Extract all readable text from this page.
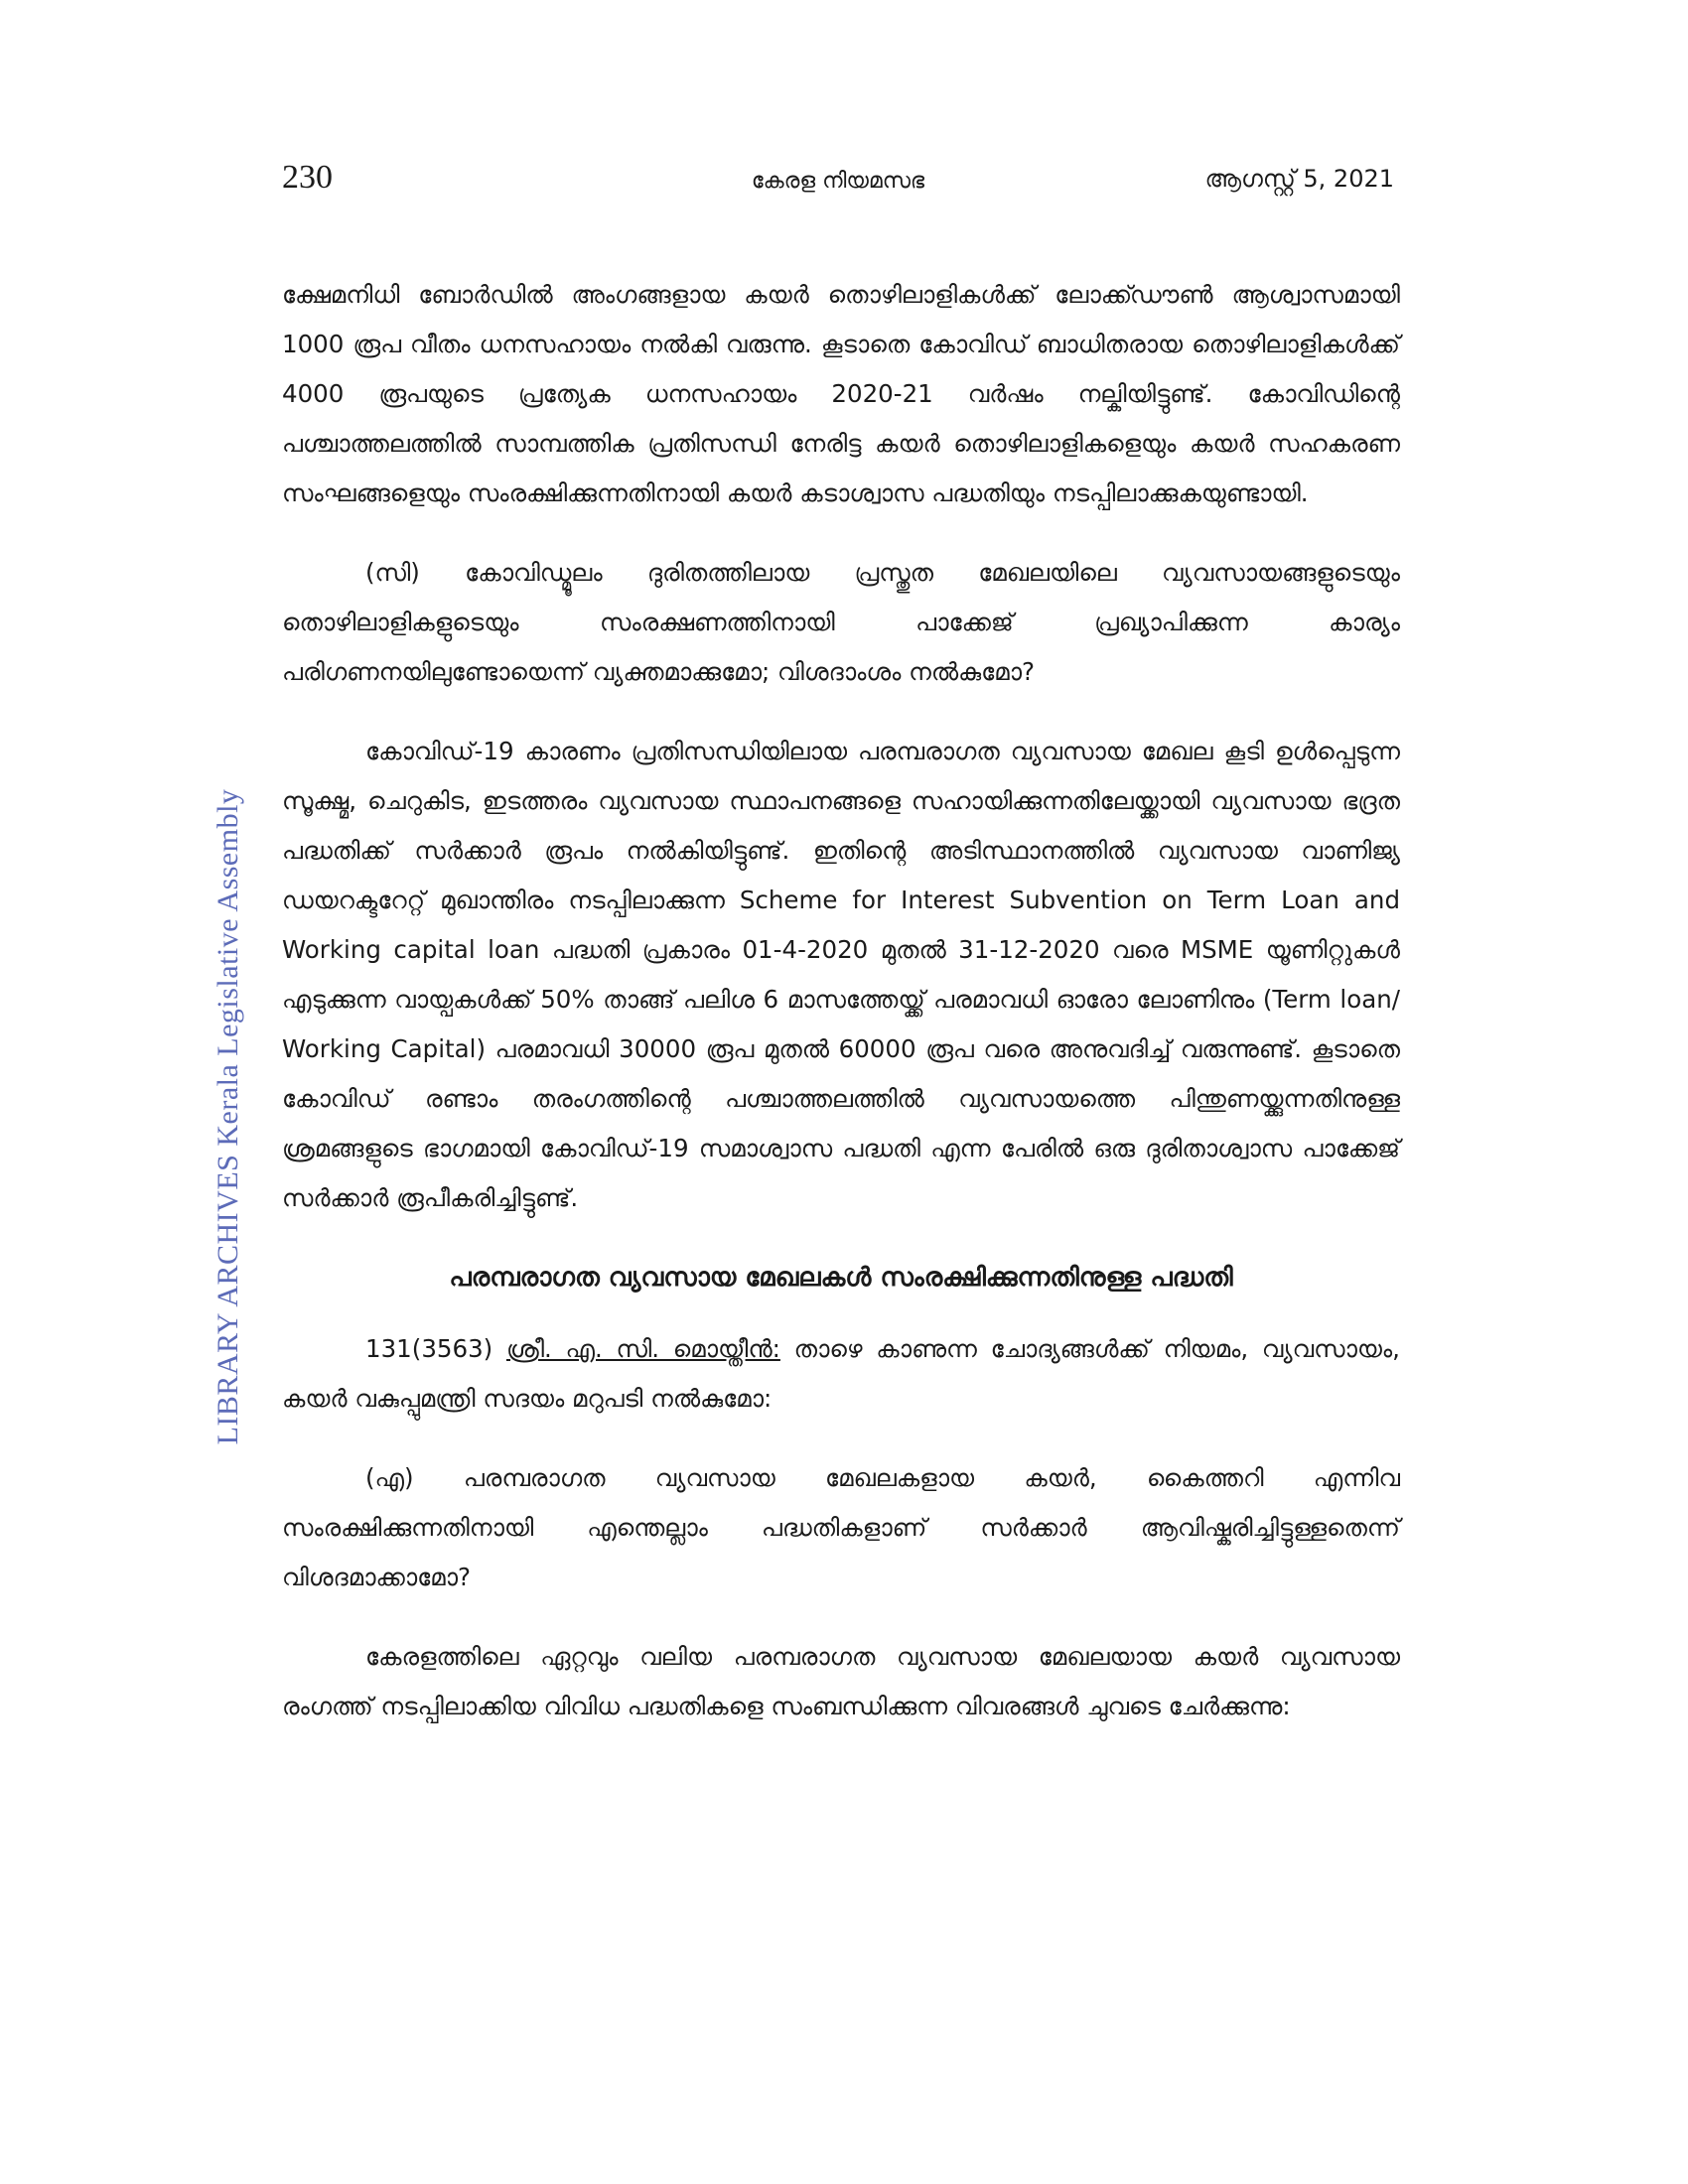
230	കേരള നിയമസഭ	ആഗസ്റ്റ് 5, 2021
LIBRARY ARCHIVES Kerala Legislative Assembly

ക്ഷേമനിധി ബോർഡിൽ അംഗങ്ങളായ കയർ തൊഴിലാളികൾക്ക് ലോക്ക്ഡൗൺ ആശ്വാസമായി 1000 രൂപ വീതം ധനസഹായം നൽകി വരുന്നു. കൂടാതെ കോവിഡ് ബാധിതരായ തൊഴിലാളികൾക്ക് 4000 രൂപയുടെ പ്രത്യേക ധനസഹായം 2020-21 വർഷം നല്കിയിട്ടുണ്ട്. കോവിഡിന്റെ പശ്ചാത്തലത്തിൽ സാമ്പത്തിക പ്രതിസന്ധി നേരിട്ട കയർ തൊഴിലാളികളെയും കയർ സഹകരണ സംഘങ്ങളെയും സംരക്ഷിക്കുന്നതിനായി കയർ കടാശ്വാസ പദ്ധതിയും നടപ്പിലാക്കുകയുണ്ടായി.

(സി) കോവിഡ്മൂലം ദുരിതത്തിലായ പ്രസ്തുത മേഖലയിലെ വ്യവസായങ്ങളുടെയും തൊഴിലാളികളുടെയും സംരക്ഷണത്തിനായി പാക്കേജ് പ്രഖ്യാപിക്കുന്ന കാര്യം പരിഗണനയിലുണ്ടോയെന്ന് വ്യക്തമാക്കുമോ; വിശദാംശം നൽകുമോ?

കോവിഡ്-19 കാരണം പ്രതിസന്ധിയിലായ പരമ്പരാഗത വ്യവസായ മേഖല കൂടി ഉൾപ്പെടുന്ന സൂക്ഷ്മ, ചെറുകിട, ഇടത്തരം വ്യവസായ സ്ഥാപനങ്ങളെ സഹായിക്കുന്നതിലേയ്ക്കായി വ്യവസായ ഭദ്രത പദ്ധതിക്ക് സർക്കാർ രൂപം നൽകിയിട്ടുണ്ട്. ഇതിന്റെ അടിസ്ഥാനത്തിൽ വ്യവസായ വാണിജ്യ ഡയറക്ടറേറ്റ് മുഖാന്തിരം നടപ്പിലാക്കുന്ന Scheme for Interest Subvention on Term Loan and Working capital loan പദ്ധതി പ്രകാരം 01-4-2020 മുതൽ 31-12-2020 വരെ MSME യൂണിറ്റുകൾ എടുക്കുന്ന വായ്പകൾക്ക് 50% താങ്ങ് പലിശ 6 മാസത്തേയ്ക്ക് പരമാവധി ഓരോ ലോണിനും (Term loan/ Working Capital) പരമാവധി 30000 രൂപ മുതൽ 60000 രൂപ വരെ അനുവദിച്ച് വരുന്നുണ്ട്. കൂടാതെ കോവിഡ് രണ്ടാം തരംഗത്തിന്റെ പശ്ചാത്തലത്തിൽ വ്യവസായത്തെ പിന്തുണയ്ക്കുന്നതിനുള്ള ശ്രമങ്ങളുടെ ഭാഗമായി കോവിഡ്-19 സമാശ്വാസ പദ്ധതി എന്ന പേരിൽ ഒരു ദുരിതാശ്വാസ പാക്കേജ് സർക്കാർ രൂപീകരിച്ചിട്ടുണ്ട്.

പരമ്പരാഗത വ്യവസായ മേഖലകൾ സംരക്ഷിക്കുന്നതിനുള്ള പദ്ധതി

131(3563) ശ്രീ. എ. സി. മൊയ്തീൻ: താഴെ കാണുന്ന ചോദ്യങ്ങൾക്ക് നിയമം, വ്യവസായം, കയർ വകുപ്പുമന്ത്രി സദയം മറുപടി നൽകുമോ:

(എ) പരമ്പരാഗത വ്യവസായ മേഖലകളായ കയർ, കൈത്തറി എന്നിവ സംരക്ഷിക്കുന്നതിനായി എന്തെല്ലാം പദ്ധതികളാണ് സർക്കാർ ആവിഷ്കരിച്ചിട്ടുള്ളതെന്ന് വിശദമാക്കാമോ?

കേരളത്തിലെ ഏറ്റവും വലിയ പരമ്പരാഗത വ്യവസായ മേഖലയായ കയർ വ്യവസായ രംഗത്ത് നടപ്പിലാക്കിയ വിവിധ പദ്ധതികളെ സംബന്ധിക്കുന്ന വിവരങ്ങൾ ചുവടെ ചേർക്കുന്നു:
